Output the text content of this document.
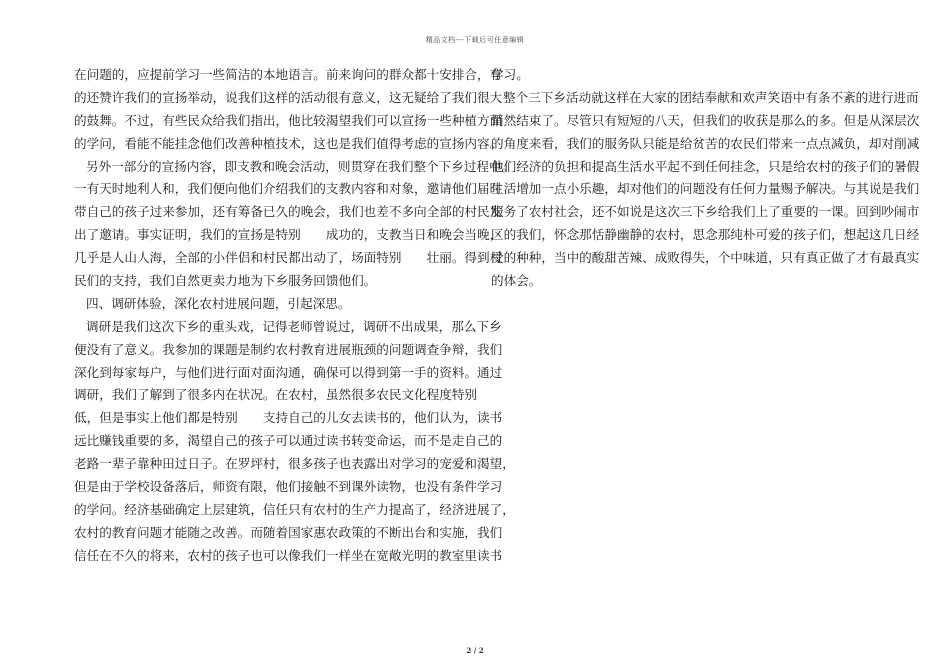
精品文档---下载后可任意编辑
在问题的，应提前学习一些简洁的本地语言。前来询问的群众都十安排合，有
的还赞许我们的宣扬举动，说我们这样的活动很有意义，这无疑给了我们很大
的鼓舞。不过，有些民众给我们指出，他比较渴望我们可以宣扬一些种植方面
的学问，看能不能挂念他们改善种植技术，这也是我们值得考虑的宣扬内容。
另外一部分的宣扬内容，即支教和晚会活动，则贯穿在我们整个下乡过程中。
一有天时地利人和，我们便向他们介绍我们的支教内容和对象，邀请他们届时
带自己的孩子过来参加，还有筹备已久的晚会，我们也差不多向全部的村民发
出了邀请。事实证明，我们的宣扬是特别　　成功的，支教当日和晚会当晚，
几乎是人山人海，全部的小伴侣和村民都出动了，场面特别　　壮丽。得到村
民们的支持，我们自然更卖力地为下乡服务回馈他们。
四、调研体验，深化农村进展问题，引起深思。
调研是我们这次下乡的重头戏，记得老师曾说过，调研不出成果，那么下乡
便没有了意义。我参加的课题是制约农村教育进展瓶颈的问题调查争辩，我们
深化到每家每户，与他们进行面对面沟通，确保可以得到第一手的资料。通过
调研，我们了解到了很多内在状况。在农村，虽然很多农民文化程度特别
低，但是事实上他们都是特别　　支持自己的儿女去读书的，他们认为，读书
远比赚钱重要的多，渴望自己的孩子可以通过读书转变命运，而不是走自己的
老路一辈子靠种田过日子。在罗坪村，很多孩子也表露出对学习的宠爱和渴望，
但是由于学校设备落后，师资有限，他们接触不到课外读物，也没有条件学习
的学问。经济基础确定上层建筑，信任只有农村的生产力提高了，经济进展了，
农村的教育问题才能随之改善。而随着国家惠农政策的不断出台和实施，我们
信任在不久的将来，农村的孩子也可以像我们一样坐在宽敞光明的教室里读书
学习。
整个三下乡活动就这样在大家的团结奉献和欢声笑语中有条不紊的进行进而
悄然结束了。尽管只有短短的八天，但我们的收获是那么的多。但是从深层次
的角度来看，我们的服务队只能是给贫苦的农民们带来一点点减负，却对削减
他们经济的负担和提高生活水平起不到任何挂念，只是给农村的孩子们的暑假
生活增加一点小乐趣，却对他们的问题没有任何力量赐予解决。与其说是我们
服务了农村社会，还不如说是这次三下乡给我们上了重要的一课。回到吵闹市
区的我们，怀念那恬静幽静的农村，思念那纯朴可爱的孩子们，想起这几日经
受的种种，当中的酸甜苦辣、成败得失，个中味道，只有真正做了才有最真实
的体会。
2 / 2
